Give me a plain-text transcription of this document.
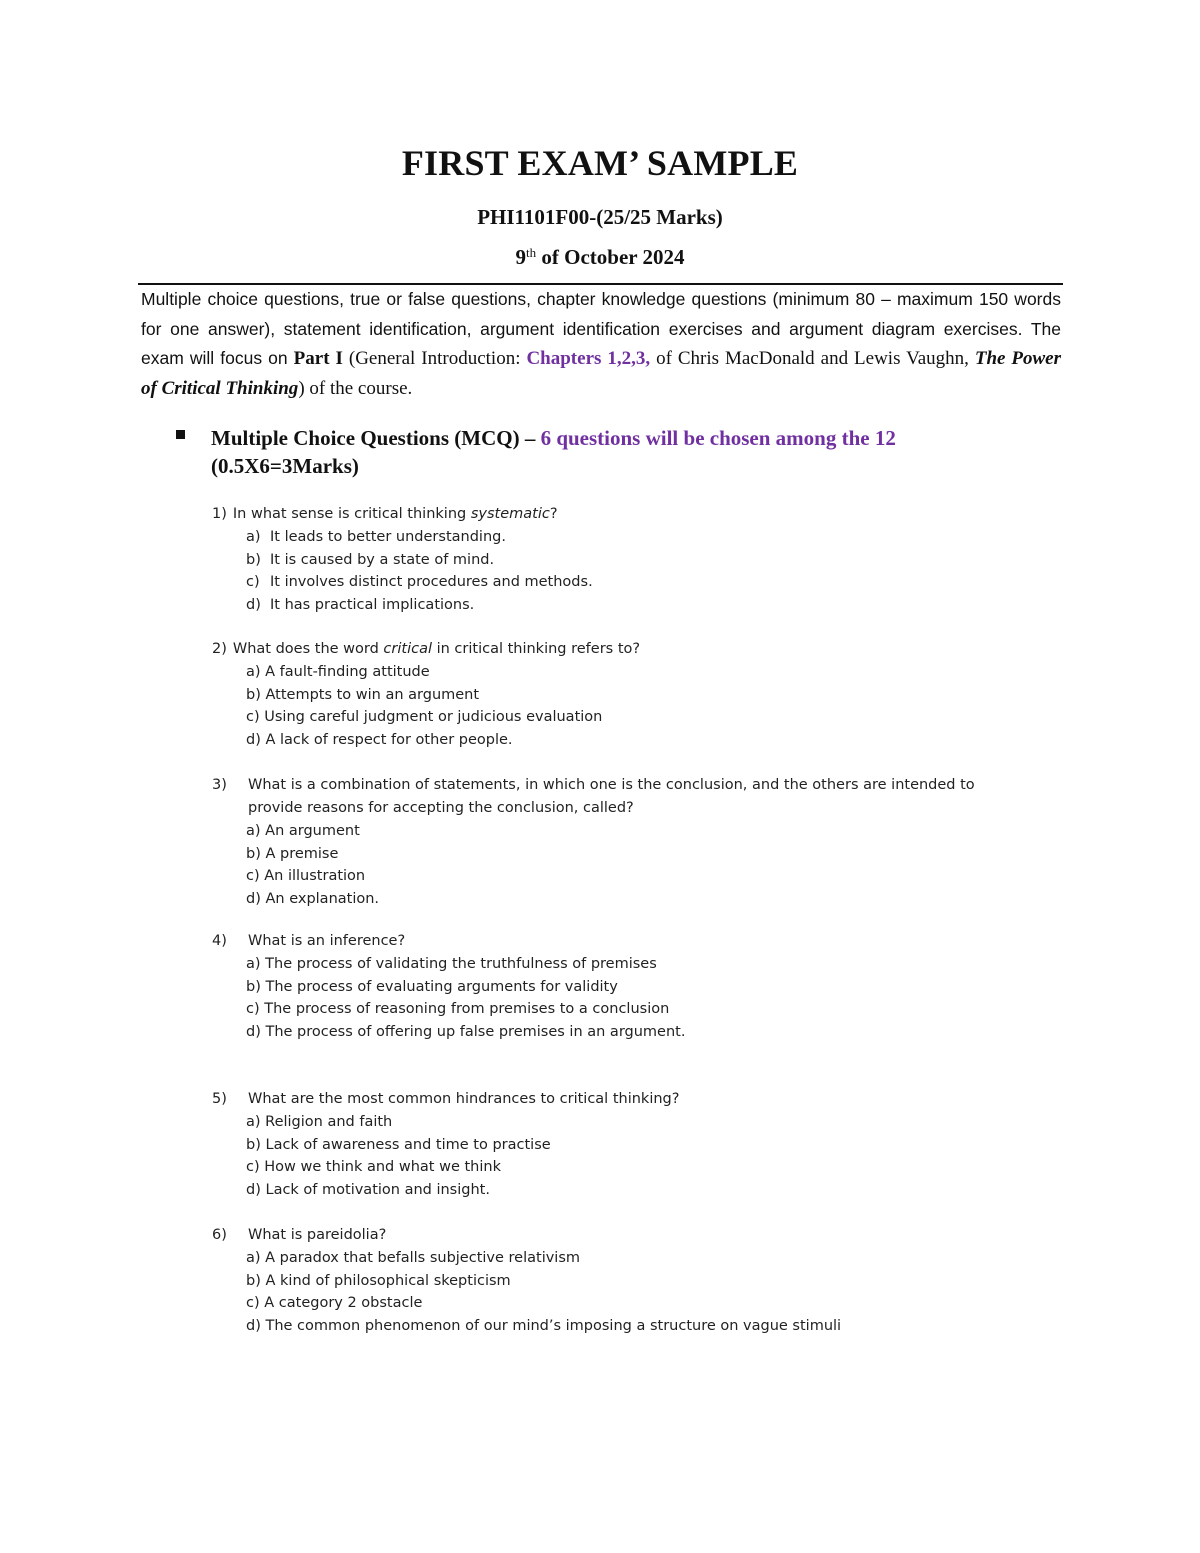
FIRST EXAM’ SAMPLE
PHI1101F00-(25/25 Marks)
9th of October 2024
Multiple choice questions, true or false questions, chapter knowledge questions (minimum 80 – maximum 150 words for one answer), statement identification, argument identification exercises and argument diagram exercises. The exam will focus on Part I (General Introduction: Chapters 1,2,3, of Chris MacDonald and Lewis Vaughn, The Power of Critical Thinking) of the course.
Multiple Choice Questions (MCQ) – 6 questions will be chosen among the 12
(0.5X6=3Marks)
1) In what sense is critical thinking systematic?
a) It leads to better understanding.
b) It is caused by a state of mind.
c) It involves distinct procedures and methods.
d) It has practical implications.
2) What does the word critical in critical thinking refers to?
a) A fault-finding attitude
b) Attempts to win an argument
c) Using careful judgment or judicious evaluation
d) A lack of respect for other people.
3) What is a combination of statements, in which one is the conclusion, and the others are intended to
provide reasons for accepting the conclusion, called?
a) An argument
b) A premise
c) An illustration
d) An explanation.
4) What is an inference?
a) The process of validating the truthfulness of premises
b) The process of evaluating arguments for validity
c) The process of reasoning from premises to a conclusion
d) The process of offering up false premises in an argument.
5) What are the most common hindrances to critical thinking?
a) Religion and faith
b) Lack of awareness and time to practise
c) How we think and what we think
d) Lack of motivation and insight.
6) What is pareidolia?
a) A paradox that befalls subjective relativism
b) A kind of philosophical skepticism
c) A category 2 obstacle
d) The common phenomenon of our mind’s imposing a structure on vague stimuli
